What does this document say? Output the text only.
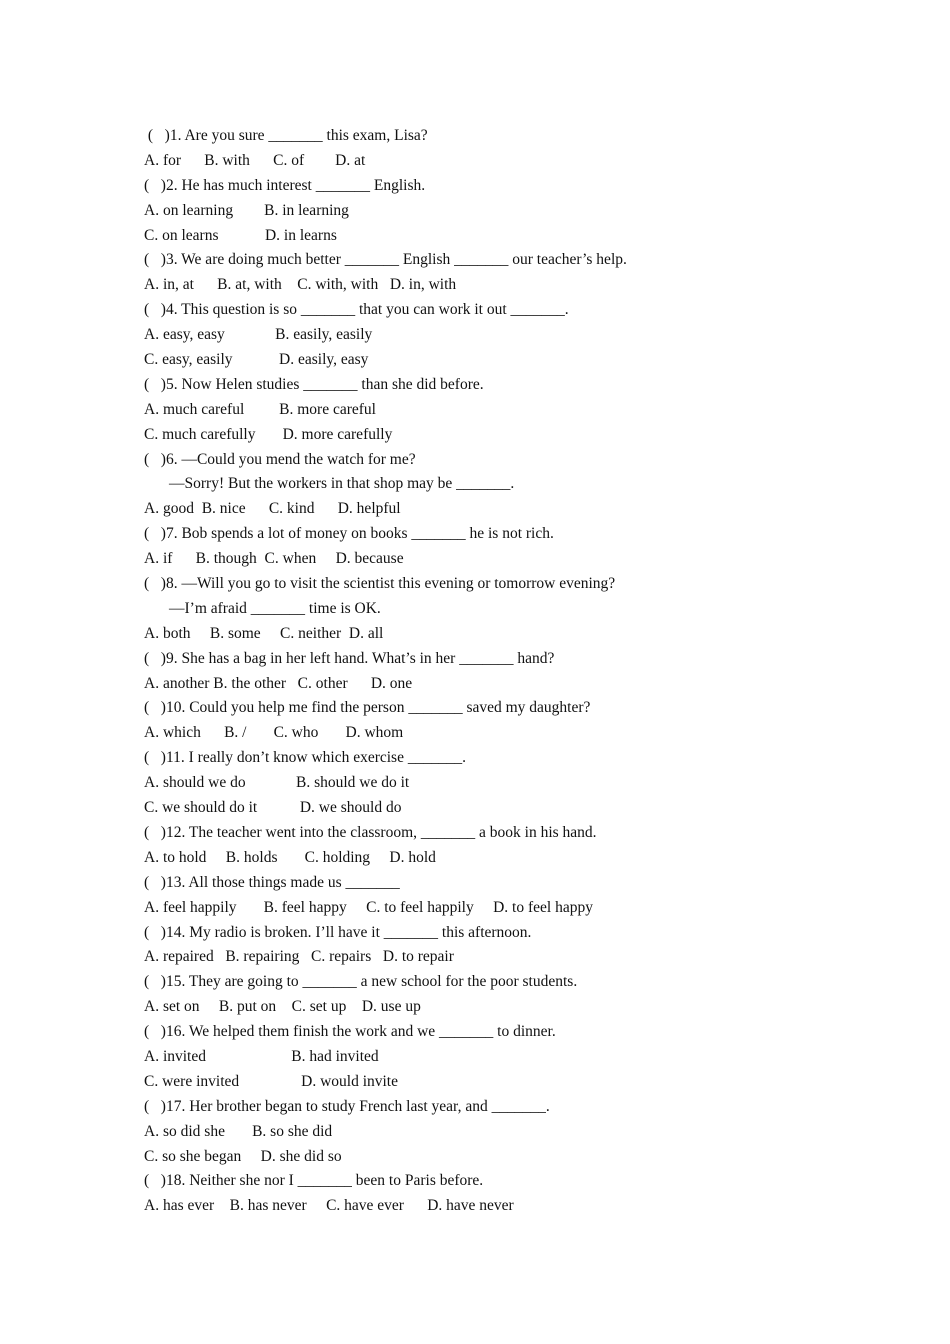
(   )1. Are you sure _______ this exam, Lisa?
A. for      B. with      C. of        D. at
(   )2. He has much interest _______ English.
A. on learning        B. in learning
C. on learns            D. in learns
(   )3. We are doing much better _______ English _______ our teacher’s help.
A. in, at      B. at, with    C. with, with   D. in, with
(   )4. This question is so _______ that you can work it out _______.
A. easy, easy             B. easily, easily
C. easy, easily            D. easily, easy
(   )5. Now Helen studies _______ than she did before.
A. much careful         B. more careful
C. much carefully       D. more carefully
(   )6. —Could you mend the watch for me?
—Sorry! But the workers in that shop may be _______.
A. good  B. nice      C. kind      D. helpful
(   )7. Bob spends a lot of money on books _______ he is not rich.
A. if      B. though  C. when     D. because
(   )8. —Will you go to visit the scientist this evening or tomorrow evening?
—I’m afraid _______ time is OK.
A. both     B. some     C. neither  D. all
(   )9. She has a bag in her left hand. What’s in her _______ hand?
A. another B. the other   C. other      D. one
(   )10. Could you help me find the person _______ saved my daughter?
A. which      B. /       C. who       D. whom
(   )11. I really don’t know which exercise _______.
A. should we do             B. should we do it
C. we should do it           D. we should do
(   )12. The teacher went into the classroom, _______ a book in his hand.
A. to hold     B. holds       C. holding     D. hold
(   )13. All those things made us _______
A. feel happily       B. feel happy     C. to feel happily     D. to feel happy
(   )14. My radio is broken. I’ll have it _______ this afternoon.
A. repaired   B. repairing   C. repairs   D. to repair
(   )15. They are going to _______ a new school for the poor students.
A. set on     B. put on    C. set up    D. use up
(   )16. We helped them finish the work and we _______ to dinner.
A. invited                      B. had invited
C. were invited                D. would invite
(   )17. Her brother began to study French last year, and _______.
A. so did she       B. so she did
C. so she began     D. she did so
(   )18. Neither she nor I _______ been to Paris before.
A. has ever    B. has never     C. have ever      D. have never
